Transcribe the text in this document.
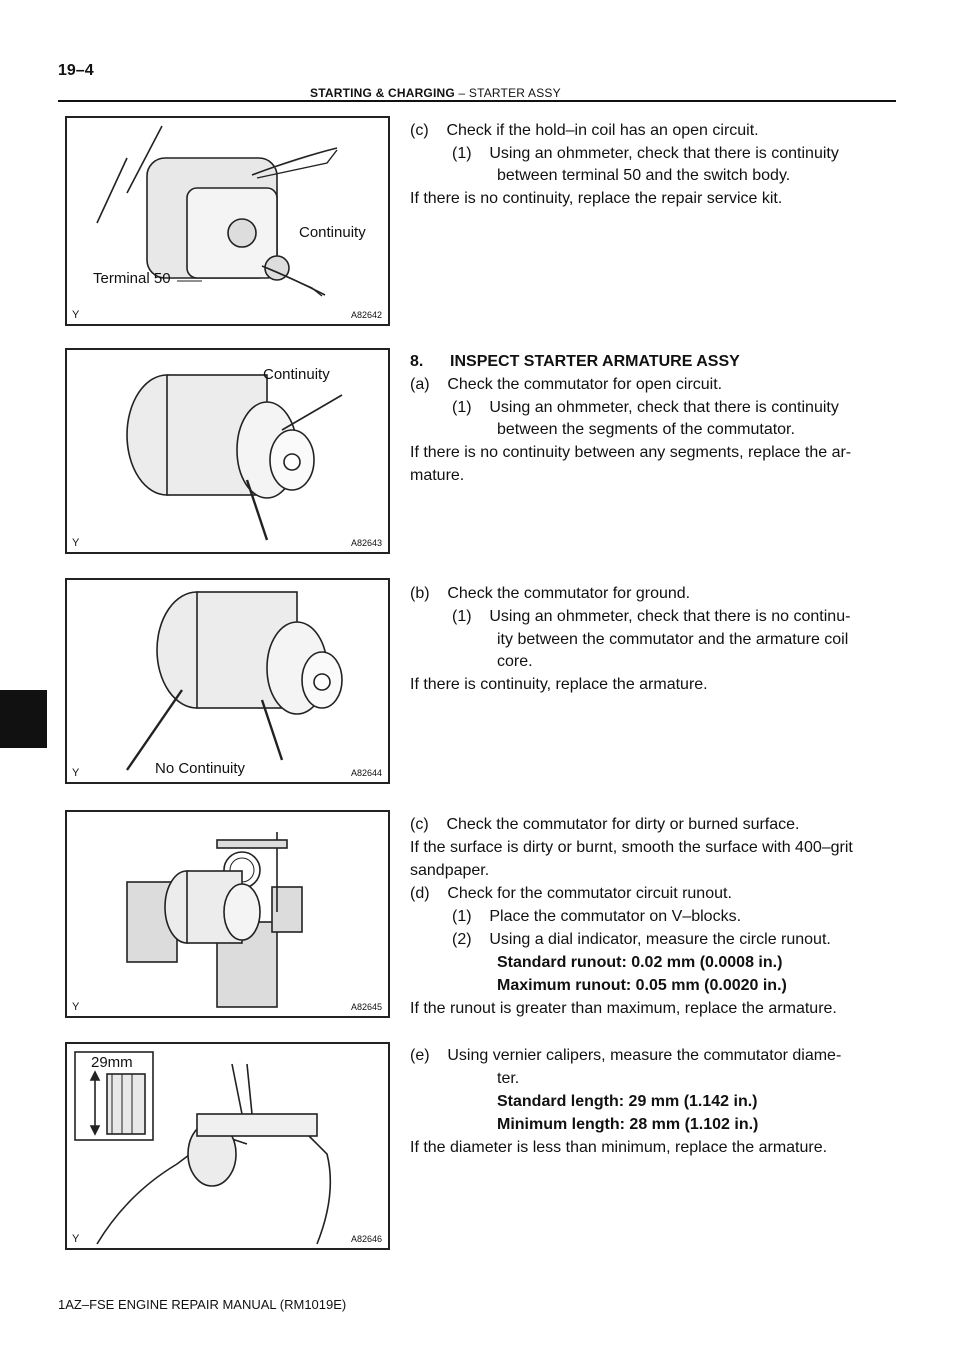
19–4
STARTING & CHARGING – STARTER ASSY
Continuity
Terminal 50
Y	A82642
Continuity
Y	A82643
No Continuity
Y	A82644
Y	A82645
29mm
Y	A82646
(c)    Check if the hold–in coil has an open circuit.
(1)    Using an ohmmeter, check that there is continuity
between terminal 50 and the switch body.
If there is no continuity, replace the repair service kit.
8.      INSPECT STARTER ARMATURE ASSY
(a)    Check the commutator for open circuit.
(1)    Using an ohmmeter, check that there is continuity
between the segments of the commutator.
If there is no continuity between any segments, replace the ar-
mature.
(b)    Check the commutator for ground.
(1)    Using an ohmmeter, check that there is no continu-
ity between the commutator and the armature coil
core.
If there is continuity, replace the armature.
(c)    Check the commutator for dirty or burned surface.
If the surface is dirty or burnt, smooth the surface with 400–grit
sandpaper.
(d)    Check for the commutator circuit runout.
(1)    Place the commutator on V–blocks.
(2)    Using a dial indicator, measure the circle runout.
Standard runout: 0.02 mm (0.0008 in.)
Maximum runout: 0.05 mm (0.0020 in.)
If the runout is greater than maximum, replace the armature.
(e)    Using vernier calipers, measure the commutator diame-
ter.
Standard length: 29 mm (1.142 in.)
Minimum length: 28 mm (1.102 in.)
If the diameter is less than minimum, replace the armature.
1AZ–FSE ENGINE REPAIR MANUAL (RM1019E)
